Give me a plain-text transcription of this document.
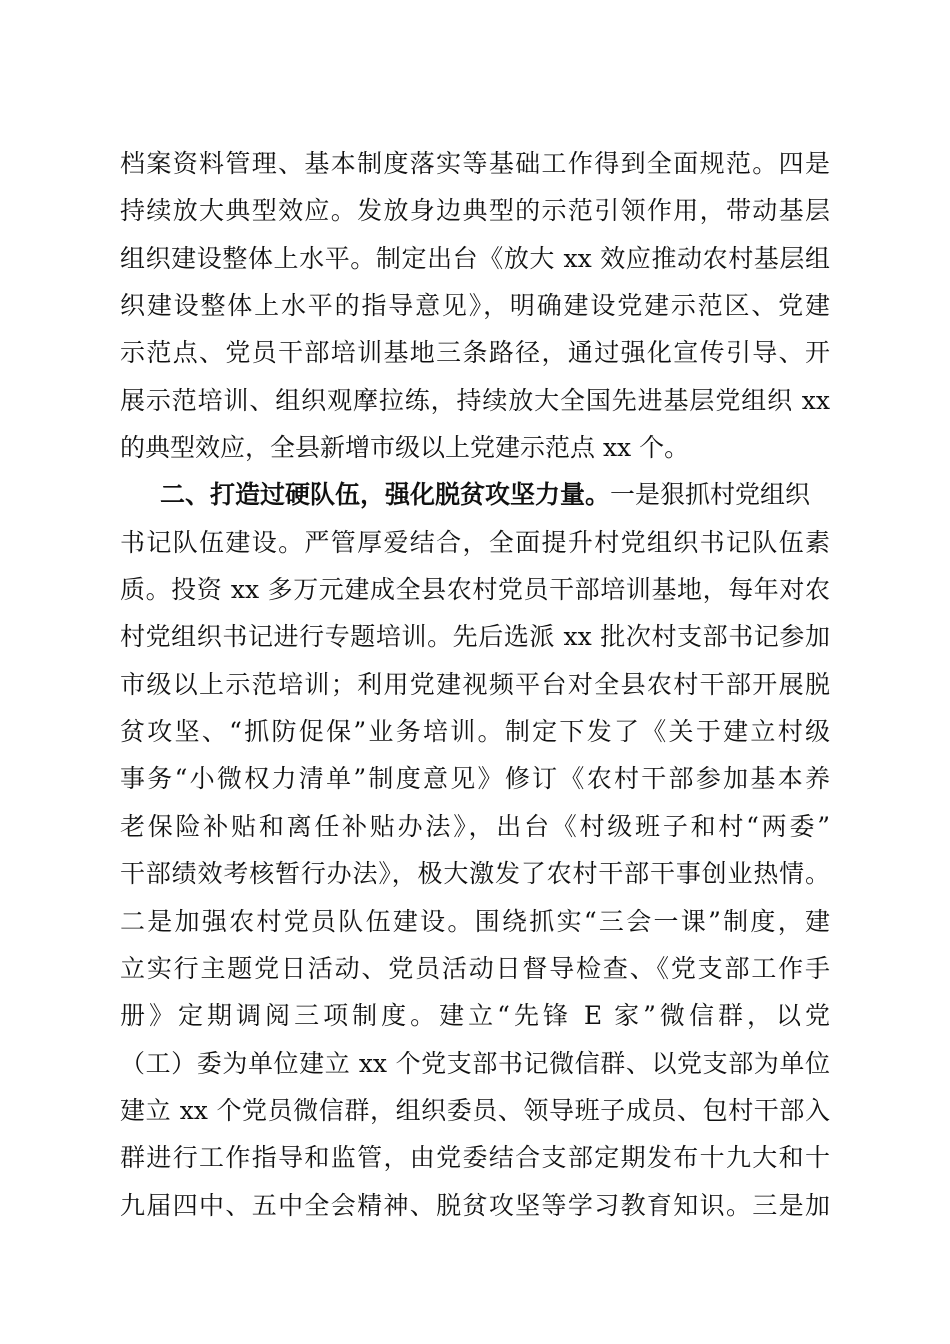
档案资料管理、基本制度落实等基础工作得到全面规范。四是
持续放大典型效应。发放身边典型的示范引领作用，带动基层
组织建设整体上水平。制定出台《放大 xx 效应推动农村基层组
织建设整体上水平的指导意见》，明确建设党建示范区、党建
示范点、党员干部培训基地三条路径，通过强化宣传引导、开
展示范培训、组织观摩拉练，持续放大全国先进基层党组织 xx
的典型效应，全县新增市级以上党建示范点 xx 个。
二、打造过硬队伍，强化脱贫攻坚力量。一是狠抓村党组织
书记队伍建设。严管厚爱结合，全面提升村党组织书记队伍素
质。投资 xx 多万元建成全县农村党员干部培训基地，每年对农
村党组织书记进行专题培训。先后选派 xx 批次村支部书记参加
市级以上示范培训；利用党建视频平台对全县农村干部开展脱
贫攻坚、“抓防促保”业务培训。制定下发了《关于建立村级
事务“小微权力清单”制度意见》修订《农村干部参加基本养
老保险补贴和离任补贴办法》，出台《村级班子和村“两委”
干部绩效考核暂行办法》，极大激发了农村干部干事创业热情。
二是加强农村党员队伍建设。围绕抓实“三会一课”制度，建
立实行主题党日活动、党员活动日督导检查、《党支部工作手
册》定期调阅三项制度。建立“先锋 E 家”微信群，以党
（工）委为单位建立 xx 个党支部书记微信群、以党支部为单位
建立 xx 个党员微信群，组织委员、领导班子成员、包村干部入
群进行工作指导和监管，由党委结合支部定期发布十九大和十
九届四中、五中全会精神、脱贫攻坚等学习教育知识。三是加
